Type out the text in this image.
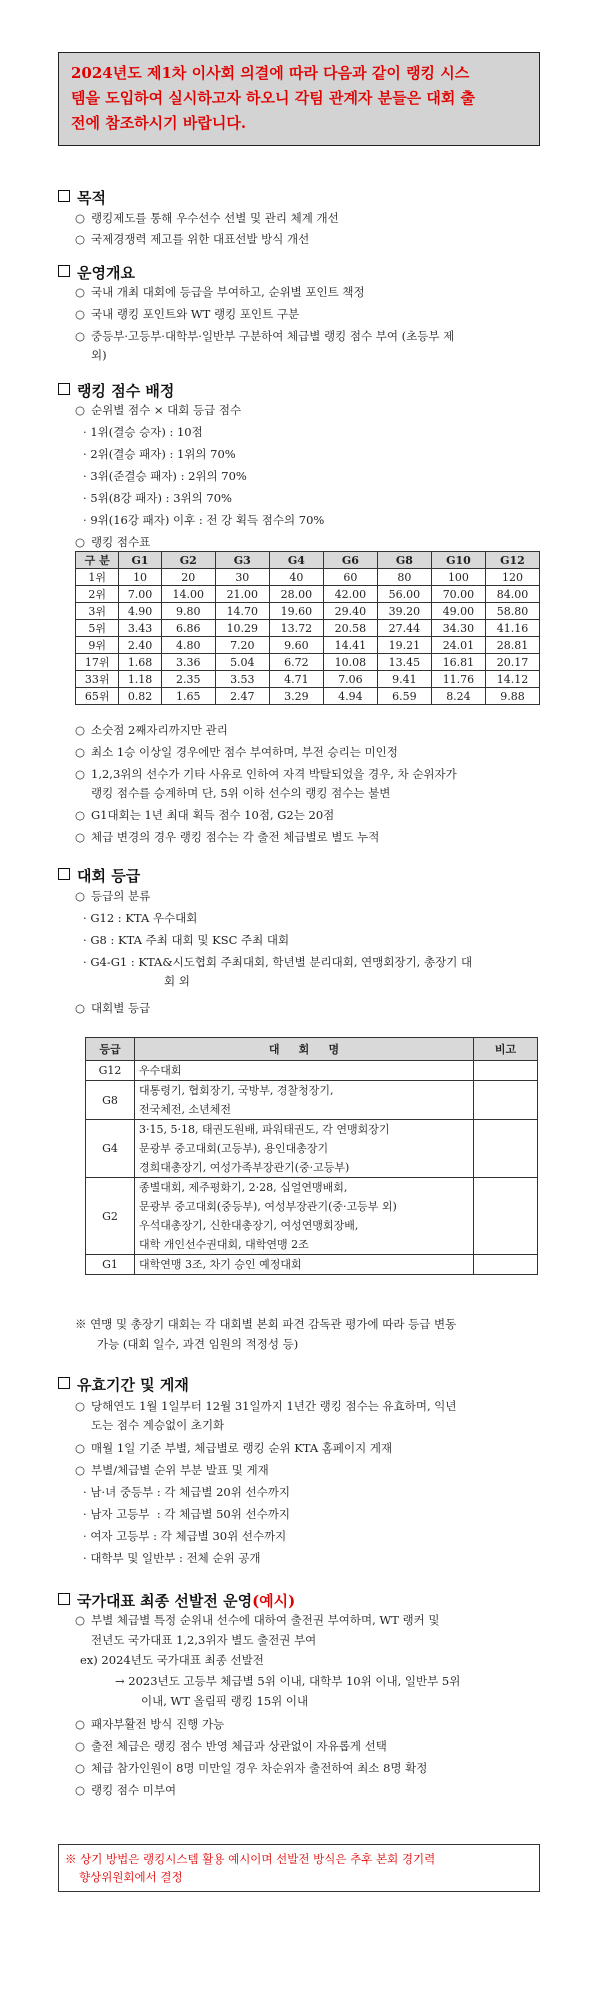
2024년도 제1차 이사회 의결에 따라 다음과 같이 랭킹 시스
템을 도입하여 실시하고자 하오니 각팀 관계자 분들은 대회 출
전에 참조하시기 바랍니다.
목적
○ 랭킹제도를 통해 우수선수 선별 및 관리 체계 개선
○ 국제경쟁력 제고를 위한 대표선발 방식 개선
운영개요
○ 국내 개최 대회에 등급을 부여하고, 순위별 포인트 책정
○ 국내 랭킹 포인트와 WT 랭킹 포인트 구분
○ 중등부·고등부·대학부·일반부 구분하여 체급별 랭킹 점수 부여 (초등부 제
외)
랭킹 점수 배정
○ 순위별 점수 × 대회 등급 점수
· 1위(결승 승자) : 10점
· 2위(결승 패자) : 1위의 70%
· 3위(준결승 패자) : 2위의 70%
· 5위(8강 패자) : 3위의 70%
· 9위(16강 패자) 이후 : 전 강 획득 점수의 70%
○ 랭킹 점수표
구 분	G1	G2	G3	G4	G6	G8	G10	G12
1위	10	20	30	40	60	80	100	120
2위	7.00	14.00	21.00	28.00	42.00	56.00	70.00	84.00
3위	4.90	9.80	14.70	19.60	29.40	39.20	49.00	58.80
5위	3.43	6.86	10.29	13.72	20.58	27.44	34.30	41.16
9위	2.40	4.80	7.20	9.60	14.41	19.21	24.01	28.81
17위	1.68	3.36	5.04	6.72	10.08	13.45	16.81	20.17
33위	1.18	2.35	3.53	4.71	7.06	9.41	11.76	14.12
65위	0.82	1.65	2.47	3.29	4.94	6.59	8.24	9.88
○ 소숫점 2째자리까지만 관리
○ 최소 1승 이상일 경우에만 점수 부여하며, 부전 승리는 미인정
○ 1,2,3위의 선수가 기타 사유로 인하여 자격 박탈되었을 경우, 차 순위자가
랭킹 점수를 승계하며 단, 5위 이하 선수의 랭킹 점수는 불변
○ G1대회는 1년 최대 획득 점수 10점, G2는 20점
○ 체급 변경의 경우 랭킹 점수는 각 출전 체급별로 별도 누적
대회 등급
○ 등급의 분류
· G12 : KTA 우수대회
· G8 : KTA 주최 대회 및 KSC 주최 대회
· G4-G1 : KTA&시도협회 주최대회, 학년별 분리대회, 연맹회장기, 총장기 대
회 외
○ 대회별 등급
등급	대     회     명	비고
G12	우수대회	

G8	대통령기, 협회장기, 국방부, 경찰청장기,
전국체전, 소년체전	

G4	3·15, 5·18, 태권도원배, 파워태권도, 각 연맹회장기
문광부 중고대회(고등부), 용인대총장기
경희대총장기, 여성가족부장관기(중·고등부)	

G2	종별대회, 제주평화기, 2·28, 십얼연맹배회,
문광부 중고대회(중등부), 여성부장관기(중·고등부 외)
우석대총장기, 신한대총장기, 여성연맹회장배,
대학 개인선수권대회, 대학연맹 2조	

G1	대학연맹 3조, 차기 승인 예정대회	

※ 연맹 및 총장기 대회는 각 대회별 본회 파견 감독관 평가에 따라 등급 변동
가능 (대회 일수, 과견 임원의 적정성 등)
유효기간 및 게재
○ 당해연도 1월 1일부터 12월 31일까지 1년간 랭킹 점수는 유효하며, 익년
도는 점수 계승없이 초기화
○ 매월 1일 기준 부별, 체급별로 랭킹 순위 KTA 홈페이지 게재
○ 부별/체급별 순위 부분 발표 및 게재
· 남·녀 중등부 : 각 체급별 20위 선수까지
· 남자 고등부  : 각 체급별 50위 선수까지
· 여자 고등부 : 각 체급별 30위 선수까지
· 대학부 및 일반부 : 전체 순위 공개
국가대표 최종 선발전 운영(예시)
○ 부별 체급별 특정 순위내 선수에 대하여 출전권 부여하며, WT 랭커 및
전년도 국가대표 1,2,3위자 별도 출전권 부여
ex) 2024년도 국가대표 최종 선발전
→ 2023년도 고등부 체급별 5위 이내, 대학부 10위 이내, 일반부 5위
이내, WT 올림픽 랭킹 15위 이내
○ 패자부활전 방식 진행 가능
○ 출전 체급은 랭킹 점수 반영 체급과 상관없이 자유롭게 선택
○ 체급 참가인원이 8명 미만일 경우 차순위자 출전하여 최소 8명 확정
○ 랭킹 점수 미부여
※ 상기 방법은 랭킹시스템 활용 예시이며 선발전 방식은 추후 본회 경기력
향상위원회에서 결정
